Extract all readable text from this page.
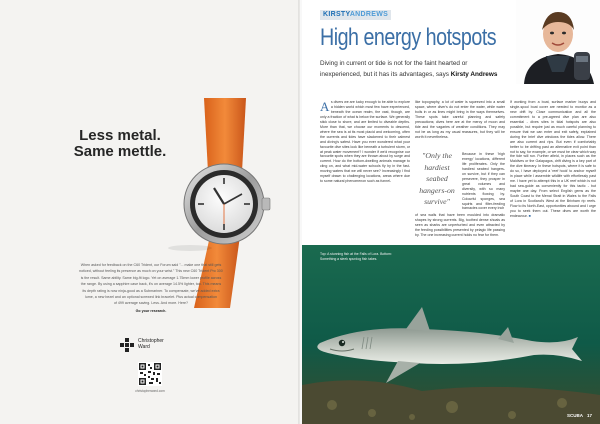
Less metal.
Same mettle.
When asked for feedback on the C60 Trident, our Forum said "... make one that still gets
noticed, without feeling its presence as much on your wrist." This new C60 Trident Pro 300
is the result. Same ability. Same big-fit logo. Yet on average 1.75mm lower profile across
the range. By using a sapphire case back, it's on average 14.5% lighter, too. This means
its depth rating is now ninja-good as a Submariner. To compensate, we've added extra
lume, a new bezel and an optional screwed link bracelet. Plus actual compensation
of 499 average saving. Less. And more. Here?
Go your research.
Christopher
Ward
christopherward.com
KIRSTYANDREWS
High energy hotspots
Diving in current or tide is not for the faint hearted or
inexperienced, but it has its advantages, says Kirsty Andrews
As divers we are lucky enough to be able to explore a hidden world which most few have experienced, beneath the ocean realm, the vast, though, are only a fraction of what is below the surface. We generally stick close to shore, and are limited to diveable depths. More than that, we choose our moments to descend, where the sea is at its most placid and welcoming, often the currents and tides have slackened to their calmest and diving's safest. Have you ever wondered what your favourite dive sites look like beneath a turbulent storm, or at peak water movement? I wonder if we'd recognise our favourite spots when they are thrown about by surge and current. How do the bottom-dwelling animals manage to cling on, and what mid-water schools fly by in the fast-moving waters that we will never see? Increasingly I find myself drawn to challenging locations, areas where due to some natural phenomenon such as funnel-
like topography, a lot of water is squeezed into a small space, where diver's do not enter the water, while water boils in or as lines might bring in the ways themselves. These spots take careful planning and safety precautions; dives here are at the mercy of moon and tide and the vagaries of weather conditions. They may not be as long as my usual reassures, but they will be worth it nevertheless.
"Only the hardiest seabed hangers-on survive"
Because in these 'high energy' locations, different life proliferates. Only the hardiest seabed hangers-on survive, but if they can persevere, they prosper in great volumes and diversity, with so many nutrients flowing by. Colourful sponges, sea squirts and filter-feeding barnacles cover every inch
of sea walls that have been moulded into dramatic shapes by strong currents. Big, toothed dense shoals as seen as sharks are unperturbed and even attracted by the feeding possibilities presented by pelagic life passing by. The one increasing current holds no fear for them.
If working from a boat, surface marker buoys and single-spool boat cover are needed to monitor as a new drift by. Close communication and all the commitment to a pre-agreed dive plan are also essential - dives sites in tidal hotspots are also possible, but require just as much careful planning to ensure that we can enter and exit safely, explained during the brief dive windows the tides allow. There are also current and rips. But even if comfortably better to be drifting past an alternative exit point than not to say, for example, or we must be clear which way the tide will run. Further afield, in places such as the Maldives or the Galapagos, drift diving is a key part of the dive itinerary. In these hotspots, where it is safe to do so, I have deployed a 'reef hook' to anchor myself in place while I assemble wildlife with effortlessly past me. I have yet to attempt this in a UK reef which is not bad sea-guide as conveniently for this tactic - but maybe one day. From select English gems as the South Coast to the Menai Strait in Wales to the Falls of Lora in Scotland's West at the Brixham rip reefs. Flow to its North-East, opportunities abound and I urge you to seek them out. These dives are worth the endeavour. ■
Top: A stunning fish at the Falls of Lora. Bottom: Something a sleek spurdog fish takes.
SCUBA 17
